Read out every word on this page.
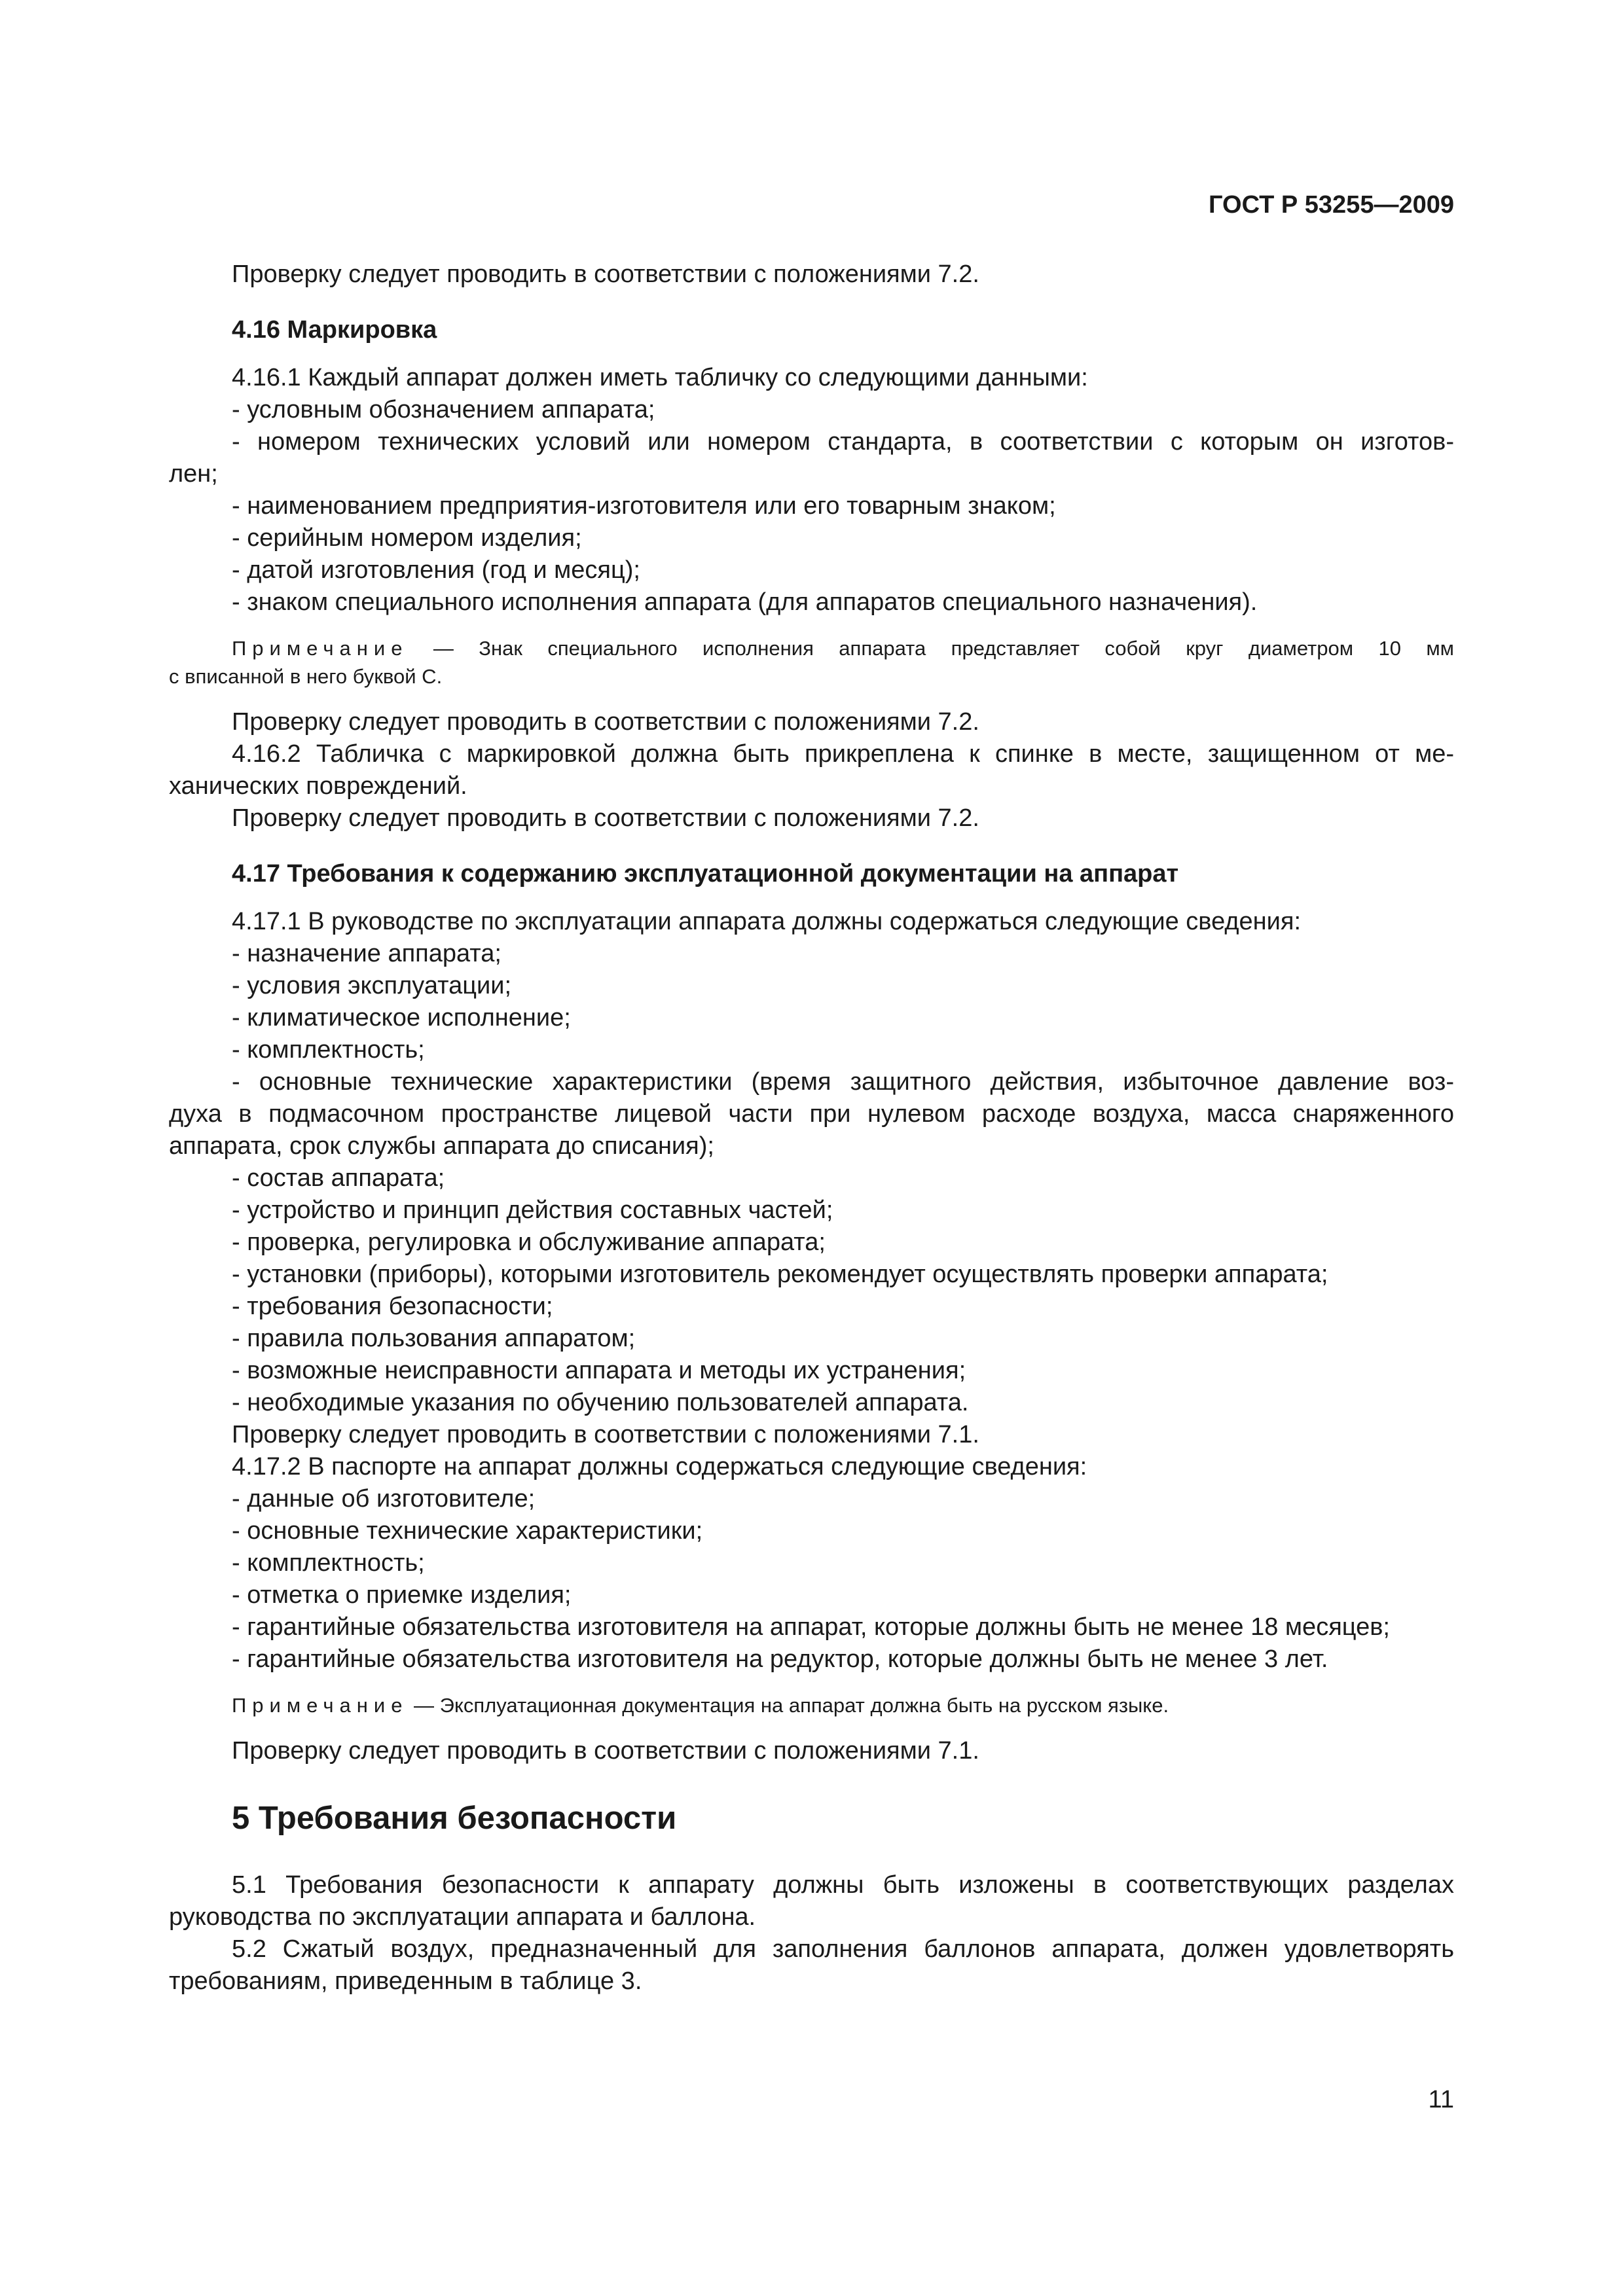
ГОСТ Р 53255—2009
Проверку следует проводить в соответствии с положениями 7.2.
4.16 Маркировка
4.16.1 Каждый аппарат должен иметь табличку со следующими данными:
- условным обозначением аппарата;
- номером технических условий или номером стандарта, в соответствии с которым он изготов-
лен;
- наименованием предприятия-изготовителя или его товарным знаком;
- серийным номером изделия;
- датой изготовления (год и месяц);
- знаком специального исполнения аппарата (для аппаратов специального назначения).
Примечание — Знак специального исполнения аппарата представляет собой круг диаметром 10 мм
с вписанной в него буквой С.
Проверку следует проводить в соответствии с положениями 7.2.
4.16.2 Табличка с маркировкой должна быть прикреплена к спинке в месте, защищенном от ме-
ханических повреждений.
Проверку следует проводить в соответствии с положениями 7.2.
4.17 Требования к содержанию эксплуатационной документации на аппарат
4.17.1 В руководстве по эксплуатации аппарата должны содержаться следующие сведения:
- назначение аппарата;
- условия эксплуатации;
- климатическое исполнение;
- комплектность;
- основные технические характеристики (время защитного действия, избыточное давление воз-
духа в подмасочном пространстве лицевой части при нулевом расходе воздуха, масса снаряженного
аппарата, срок службы аппарата до списания);
- состав аппарата;
- устройство и принцип действия составных частей;
- проверка, регулировка и обслуживание аппарата;
- установки (приборы), которыми изготовитель рекомендует осуществлять проверки аппарата;
- требования безопасности;
- правила пользования аппаратом;
- возможные неисправности аппарата и методы их устранения;
- необходимые указания по обучению пользователей аппарата.
Проверку следует проводить в соответствии с положениями 7.1.
4.17.2 В паспорте на аппарат должны содержаться следующие сведения:
- данные об изготовителе;
- основные технические характеристики;
- комплектность;
- отметка о приемке изделия;
- гарантийные обязательства изготовителя на аппарат, которые должны быть не менее 18 месяцев;
- гарантийные обязательства изготовителя на редуктор, которые должны быть не менее 3 лет.
Примечание — Эксплуатационная документация на аппарат должна быть на русском языке.
Проверку следует проводить в соответствии с положениями 7.1.
5 Требования безопасности
5.1 Требования безопасности к аппарату должны быть изложены в соответствующих разделах
руководства по эксплуатации аппарата и баллона.
5.2 Сжатый воздух, предназначенный для заполнения баллонов аппарата, должен удовлетворять
требованиям, приведенным в таблице 3.
11
